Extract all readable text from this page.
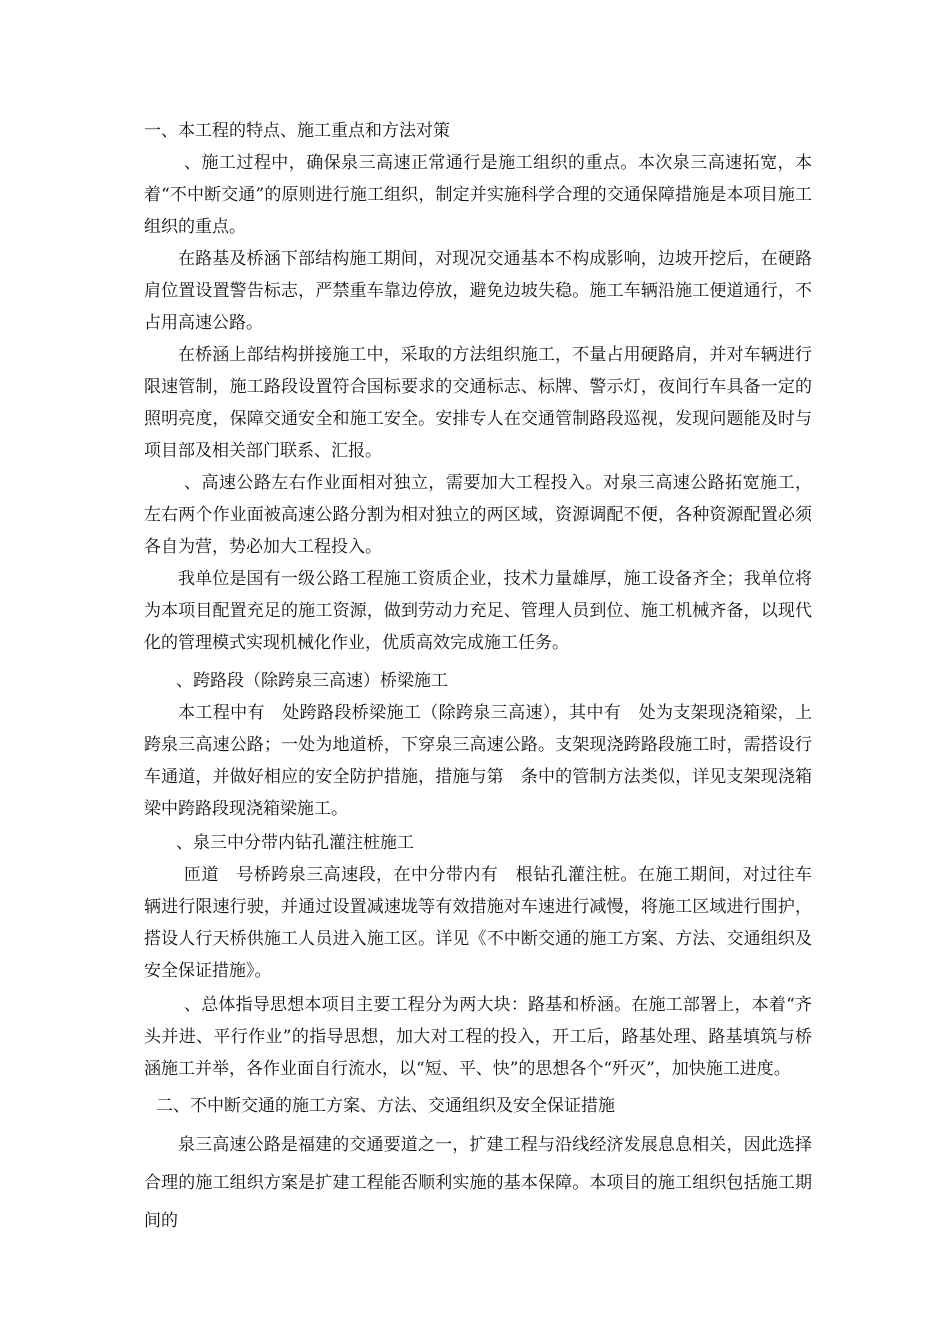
一、本工程的特点、施工重点和方法对策

、施工过程中，确保泉三高速正常通行是施工组织的重点。本次泉三高速拓宽，本着“不中断交通”的原则进行施工组织，制定并实施科学合理的交通保障措施是本项目施工组织的重点。

在路基及桥涵下部结构施工期间，对现况交通基本不构成影响，边坡开挖后，在硬路肩位置设置警告标志，严禁重车靠边停放，避免边坡失稳。施工车辆沿施工便道通行，不占用高速公路。

在桥涵上部结构拼接施工中，采取的方法组织施工，不量占用硬路肩，并对车辆进行限速管制，施工路段设置符合国标要求的交通标志、标牌、警示灯，夜间行车具备一定的照明亮度，保障交通安全和施工安全。安排专人在交通管制路段巡视，发现问题能及时与项目部及相关部门联系、汇报。

、高速公路左右作业面相对独立，需要加大工程投入。对泉三高速公路拓宽施工，左右两个作业面被高速公路分割为相对独立的两区域，资源调配不便，各种资源配置必须各自为营，势必加大工程投入。

我单位是国有一级公路工程施工资质企业，技术力量雄厚，施工设备齐全；我单位将为本项目配置充足的施工资源，做到劳动力充足、管理人员到位、施工机械齐备，以现代化的管理模式实现机械化作业，优质高效完成施工任务。

、跨路段（除跨泉三高速）桥梁施工

本工程中有　处跨路段桥梁施工（除跨泉三高速），其中有　处为支架现浇箱梁，上跨泉三高速公路；一处为地道桥，下穿泉三高速公路。支架现浇跨路段施工时，需搭设行车通道，并做好相应的安全防护措施，措施与第　条中的管制方法类似，详见支架现浇箱梁中跨路段现浇箱梁施工。

、泉三中分带内钻孔灌注桩施工

匝道　号桥跨泉三高速段，在中分带内有　根钻孔灌注桩。在施工期间，对过往车辆进行限速行驶，并通过设置减速垅等有效措施对车速进行减慢，将施工区域进行围护，搭设人行天桥供施工人员进入施工区。详见《不中断交通的施工方案、方法、交通组织及安全保证措施》。

、总体指导思想本项目主要工程分为两大块：路基和桥涵。在施工部署上，本着“齐头并进、平行作业”的指导思想，加大对工程的投入，开工后，路基处理、路基填筑与桥涵施工并举，各作业面自行流水，以“短、平、快”的思想各个“歼灭”，加快施工进度。

二、不中断交通的施工方案、方法、交通组织及安全保证措施

泉三高速公路是福建的交通要道之一，扩建工程与沿线经济发展息息相关，因此选择合理的施工组织方案是扩建工程能否顺利实施的基本保障。本项目的施工组织包括施工期间的
